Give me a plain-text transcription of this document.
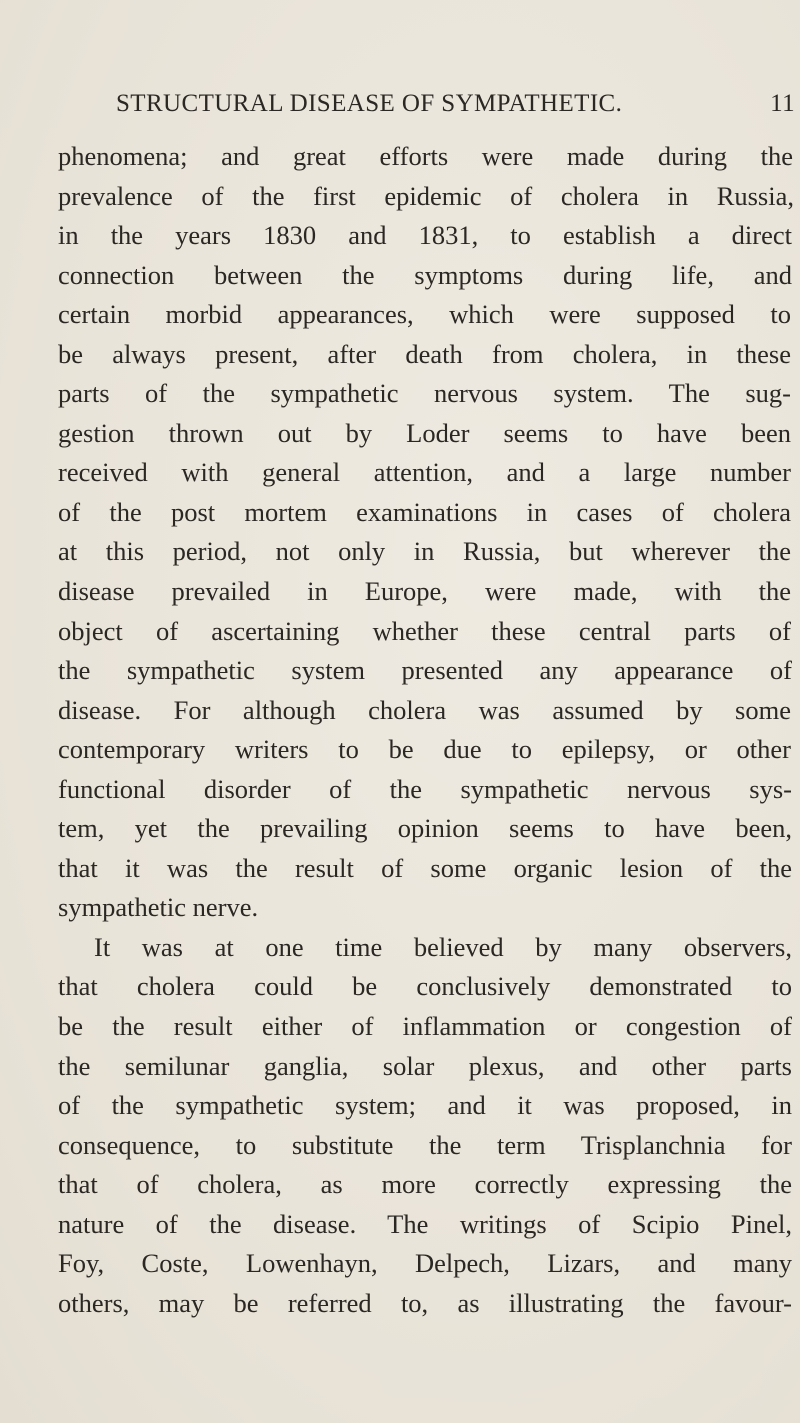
STRUCTURAL DISEASE OF SYMPATHETIC.	11
phenomena; and great efforts were made during the
prevalence of the first epidemic of cholera in Russia,
in the years 1830 and 1831, to establish a direct
connection between the symptoms during life, and
certain morbid appearances, which were supposed to
be always present, after death from cholera, in these
parts of the sympathetic nervous system. The sug-
gestion thrown out by Loder seems to have been
received with general attention, and a large number
of the post mortem examinations in cases of cholera
at this period, not only in Russia, but wherever the
disease prevailed in Europe, were made, with the
object of ascertaining whether these central parts of
the sympathetic system presented any appearance of
disease. For although cholera was assumed by some
contemporary writers to be due to epilepsy, or other
functional disorder of the sympathetic nervous sys-
tem, yet the prevailing opinion seems to have been,
that it was the result of some organic lesion of the
sympathetic nerve.
It was at one time believed by many observers,
that cholera could be conclusively demonstrated to
be the result either of inflammation or congestion of
the semilunar ganglia, solar plexus, and other parts
of the sympathetic system; and it was proposed, in
consequence, to substitute the term Trisplanchnia for
that of cholera, as more correctly expressing the
nature of the disease. The writings of Scipio Pinel,
Foy, Coste, Lowenhayn, Delpech, Lizars, and many
others, may be referred to, as illustrating the favour-
